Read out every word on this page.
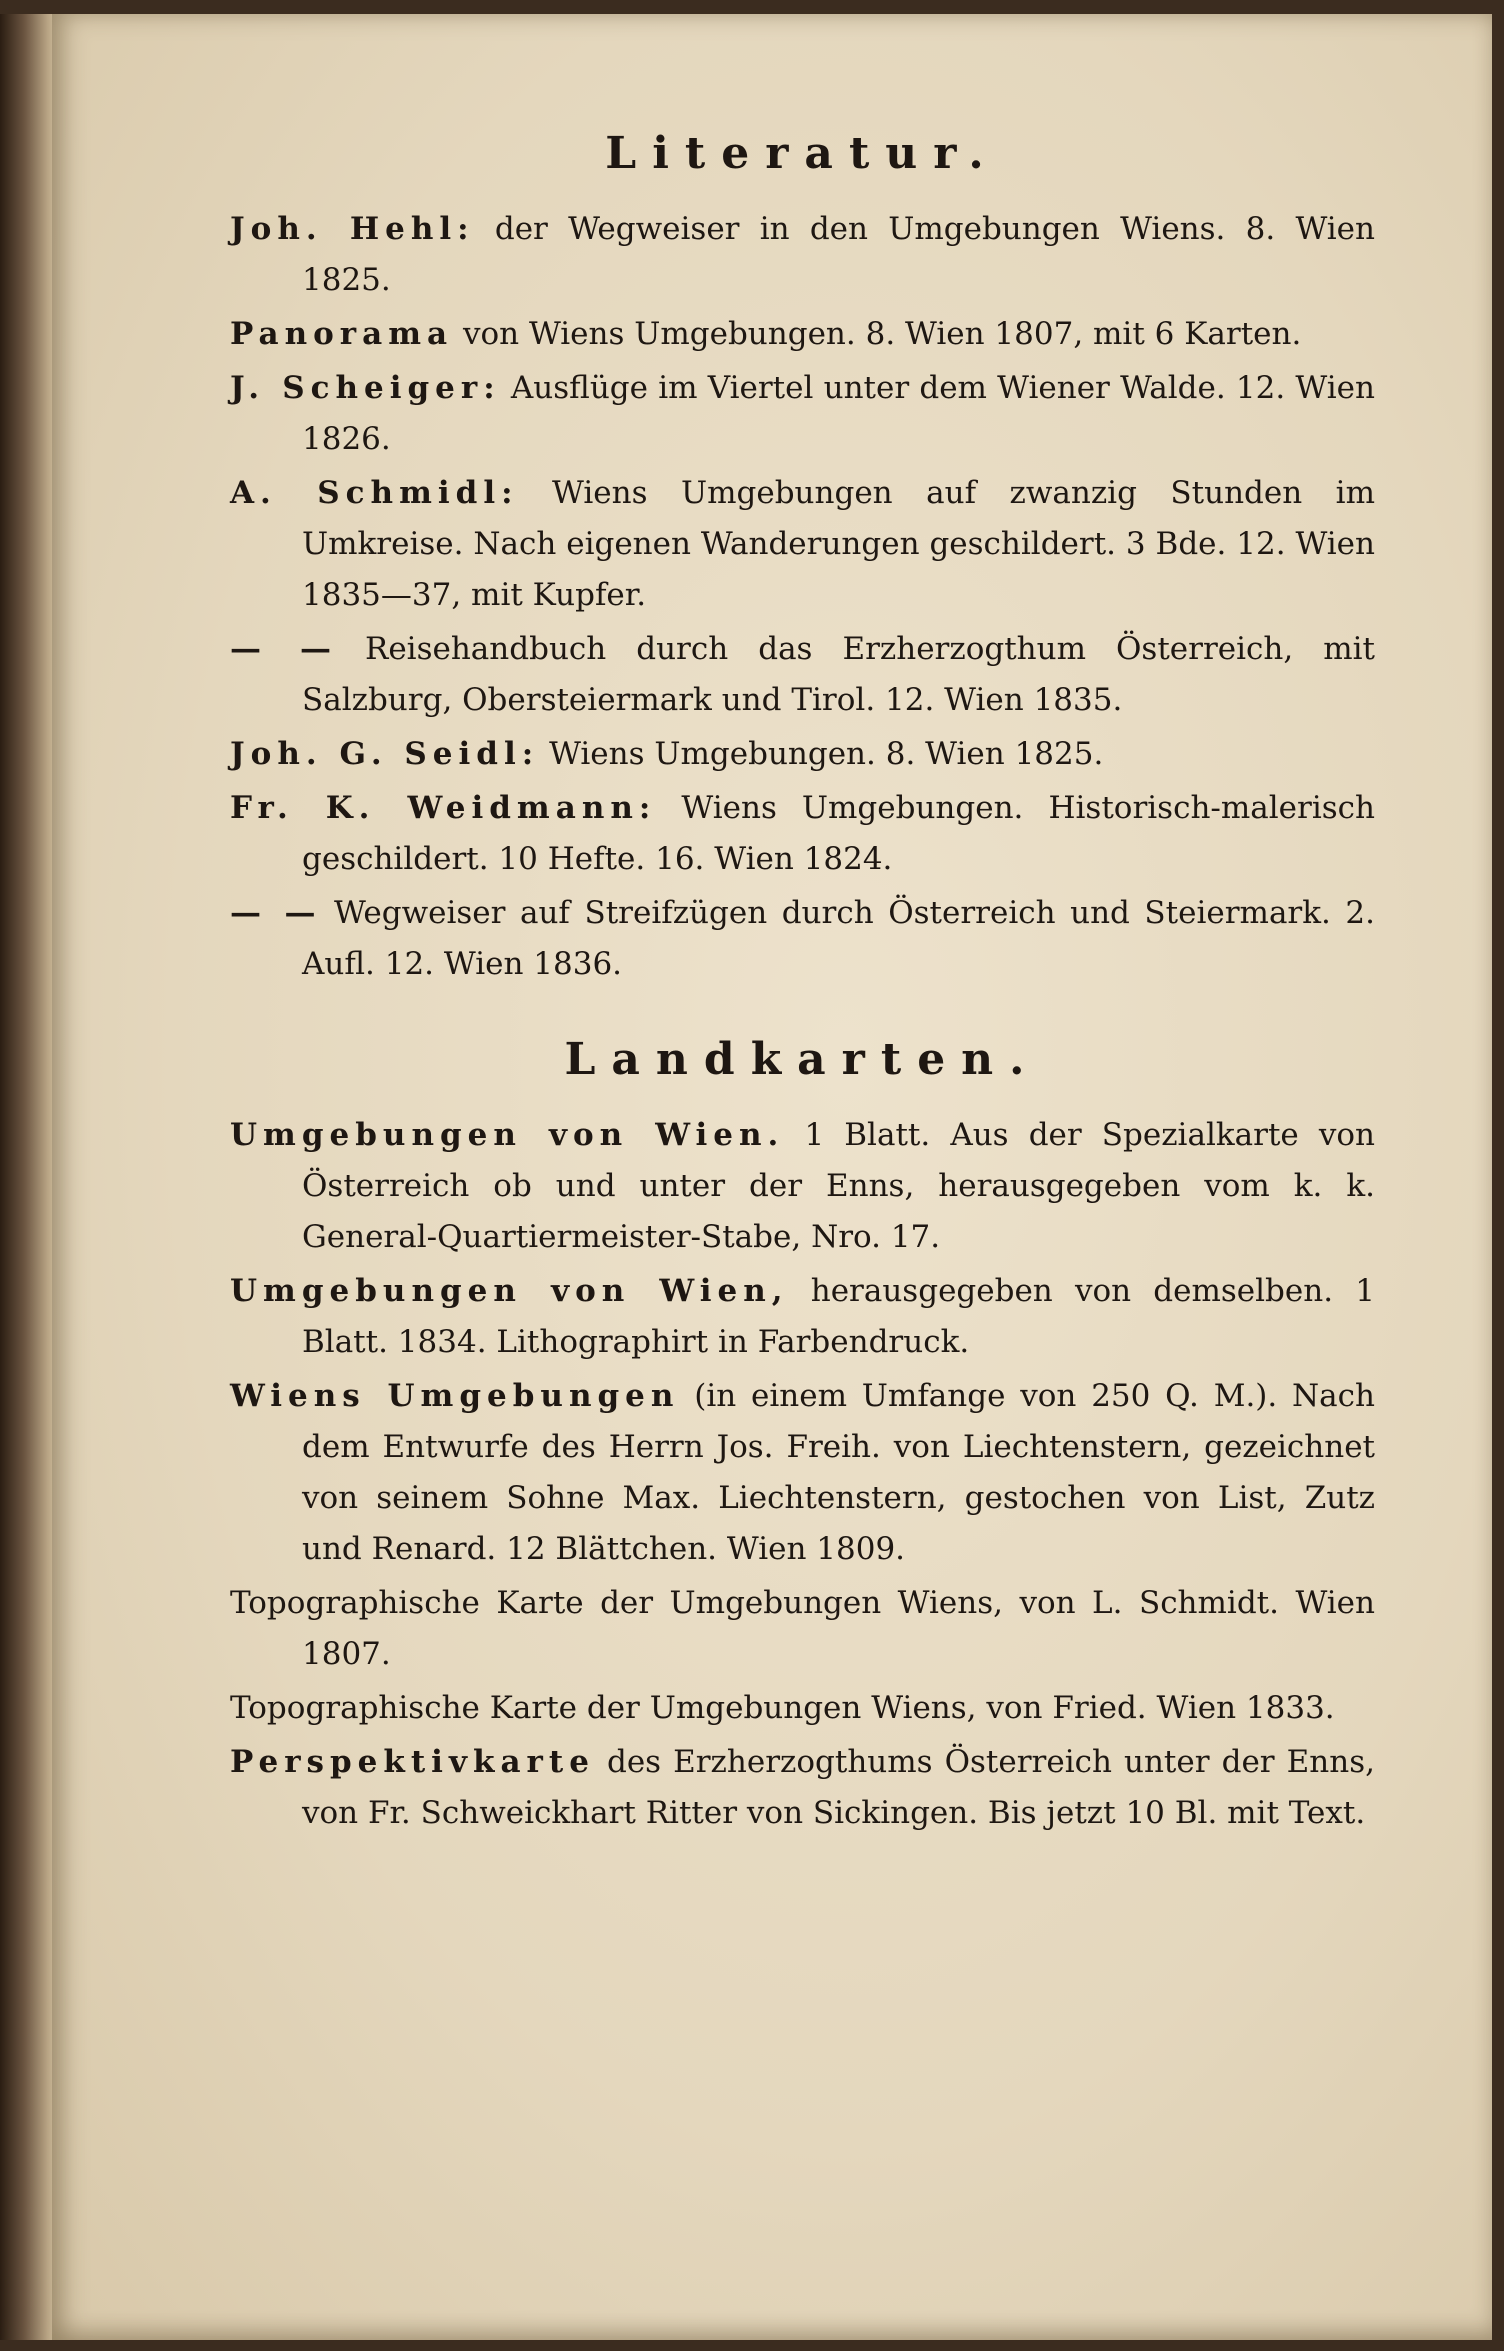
Literatur.
Joh. Hehl: der Wegweiser in den Umgebungen Wiens. 8. Wien 1825.
Panorama von Wiens Umgebungen. 8. Wien 1807, mit 6 Karten.
J. Scheiger: Ausflüge im Viertel unter dem Wiener Walde. 12. Wien 1826.
A. Schmidl: Wiens Umgebungen auf zwanzig Stunden im Umkreise. Nach eigenen Wanderungen geschildert. 3 Bde. 12. Wien 1835—37, mit Kupfer.
— — Reisehandbuch durch das Erzherzogthum Österreich, mit Salzburg, Obersteiermark und Tirol. 12. Wien 1835.
Joh. G. Seidl: Wiens Umgebungen. 8. Wien 1825.
Fr. K. Weidmann: Wiens Umgebungen. Historisch-malerisch geschildert. 10 Hefte. 16. Wien 1824.
— — Wegweiser auf Streifzügen durch Österreich und Steiermark. 2. Aufl. 12. Wien 1836.
Landkarten.
Umgebungen von Wien. 1 Blatt. Aus der Spezialkarte von Österreich ob und unter der Enns, herausgegeben vom k. k. General-Quartiermeister-Stabe, Nro. 17.
Umgebungen von Wien, herausgegeben von demselben. 1 Blatt. 1834. Lithographirt in Farbendruck.
Wiens Umgebungen (in einem Umfange von 250 Q. M.). Nach dem Entwurfe des Herrn Jos. Freih. von Liechtenstern, gezeichnet von seinem Sohne Max. Liechtenstern, gestochen von List, Zutz und Renard. 12 Blättchen. Wien 1809.
Topographische Karte der Umgebungen Wiens, von L. Schmidt. Wien 1807.
Topographische Karte der Umgebungen Wiens, von Fried. Wien 1833.
Perspektivkarte des Erzherzogthums Österreich unter der Enns, von Fr. Schweickhart Ritter von Sickingen. Bis jetzt 10 Bl. mit Text.
